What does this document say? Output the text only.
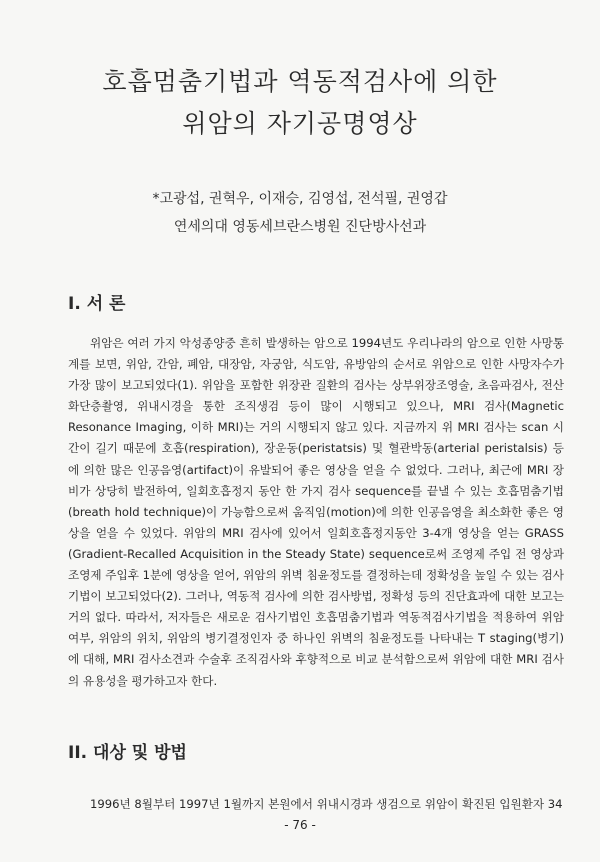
호흡멈춤기법과 역동적검사에 의한
위암의 자기공명영상
*고광섭, 권혁우, 이재승, 김영섭, 전석필, 권영갑
연세의대 영동세브란스병원 진단방사선과
I. 서 론

위암은 여러 가지 악성종양중 흔히 발생하는 암으로 1994년도 우리나라의 암으로 인한 사망통계를 보면, 위암, 간암, 폐암, 대장암, 자궁암, 식도암, 유방암의 순서로 위암으로 인한 사망자수가 가장 많이 보고되었다(1). 위암을 포함한 위장관 질환의 검사는 상부위장조영술, 초음파검사, 전산화단층촬영, 위내시경을 통한 조직생검 등이 많이 시행되고 있으나, MRI 검사(Magnetic Resonance Imaging, 이하 MRI)는 거의 시행되지 않고 있다. 지금까지 위 MRI 검사는 scan 시간이 길기 때문에 호흡(respiration), 장운동(peristatsis) 및 혈관박동(arterial peristalsis) 등에 의한 많은 인공음영(artifact)이 유발되어 좋은 영상을 얻을 수 없었다. 그러나, 최근에 MRI 장비가 상당히 발전하여, 일회호흡정지 동안 한 가지 검사 sequence를 끝낼 수 있는 호흡멈춤기법(breath hold technique)이 가능함으로써 움직임(motion)에 의한 인공음영을 최소화한 좋은 영상을 얻을 수 있었다. 위암의 MRI 검사에 있어서 일회호흡정지동안 3-4개 영상을 얻는 GRASS (Gradient-Recalled Acquisition in the Steady State) sequence로써 조영제 주입 전 영상과 조영제 주입후 1분에 영상을 얻어, 위암의 위벽 침윤정도를 결정하는데 정확성을 높일 수 있는 검사기법이 보고되었다(2). 그러나, 역동적 검사에 의한 검사방법, 정확성 등의 진단효과에 대한 보고는 거의 없다. 따라서, 저자들은 새로운 검사기법인 호흡멈춤기법과 역동적검사기법을 적용하여 위암 여부, 위암의 위치, 위암의 병기결정인자 중 하나인 위벽의 침윤정도를 나타내는 T staging(병기)에 대해, MRI 검사소견과 수술후 조직검사와 후향적으로 비교 분석함으로써 위암에 대한 MRI 검사의 유용성을 평가하고자 한다.

II. 대상 및 방법
1996년 8월부터 1997년 1월까지 본원에서 위내시경과 생검으로 위암이 확진된 입원환자 34
- 76 -
